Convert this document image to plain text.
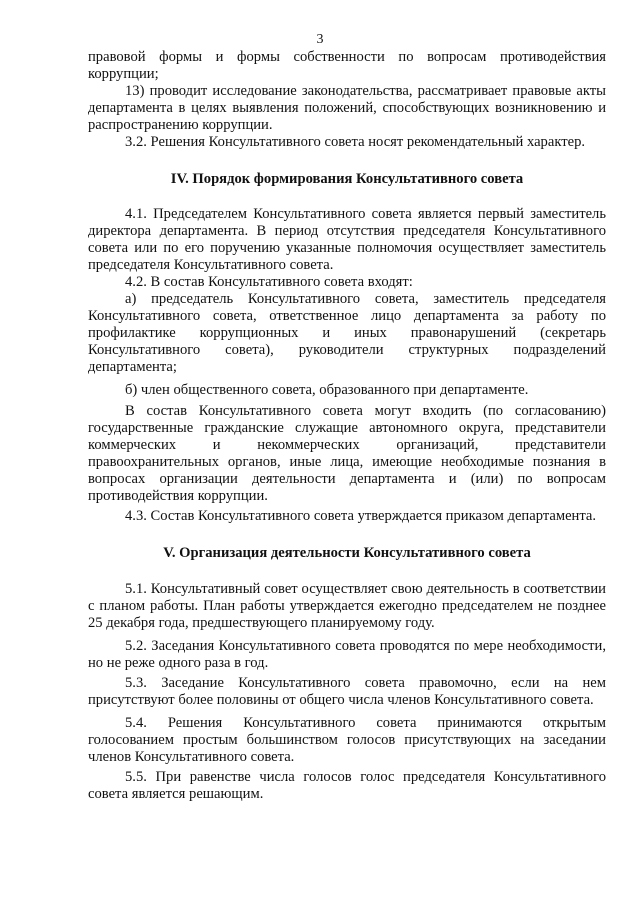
3

правовой формы и формы собственности по вопросам противодействия коррупции;

13) проводит исследование законодательства, рассматривает правовые акты департамента в целях выявления положений, способствующих возникновению и распространению коррупции.

3.2. Решения Консультативного совета носят рекомендательный характер.

IV. Порядок формирования Консультативного совета

4.1. Председателем Консультативного совета является первый заместитель директора департамента. В период отсутствия председателя Консультативного совета или по его поручению указанные полномочия осуществляет заместитель председателя Консультативного совета.

4.2. В состав Консультативного совета входят:

а) председатель Консультативного совета, заместитель председателя Консультативного совета, ответственное лицо департамента за работу по профилактике коррупционных и иных правонарушений (секретарь Консультативного совета), руководители структурных подразделений департамента;

б) член общественного совета, образованного при департаменте.

В состав Консультативного совета могут входить (по согласованию) государственные гражданские служащие автономного округа, представители коммерческих и некоммерческих организаций, представители правоохранительных органов, иные лица, имеющие необходимые познания в вопросах организации деятельности департамента и (или) по вопросам противодействия коррупции.

4.3. Состав Консультативного совета утверждается приказом департамента.

V. Организация деятельности Консультативного совета

5.1. Консультативный совет осуществляет свою деятельность в соответствии с планом работы. План работы утверждается ежегодно председателем не позднее 25 декабря года, предшествующего планируемому году.

5.2. Заседания Консультативного совета проводятся по мере необходимости, но не реже одного раза в год.

5.3. Заседание Консультативного совета правомочно, если на нем присутствуют более половины от общего числа членов Консультативного совета.

5.4. Решения Консультативного совета принимаются открытым голосованием простым большинством голосов присутствующих на заседании членов Консультативного совета.

5.5. При равенстве числа голосов голос председателя Консультативного совета является решающим.
